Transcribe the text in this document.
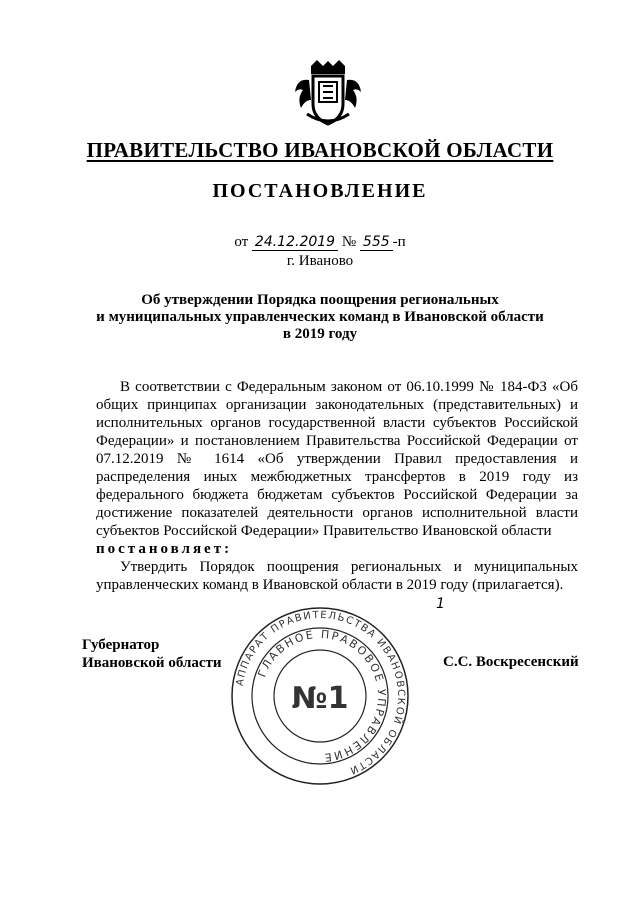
ПРАВИТЕЛЬСТВО ИВАНОВСКОЙ ОБЛАСТИ
ПОСТАНОВЛЕНИЕ
от 24.12.2019 № 555 -п
г. Иваново
Об утверждении Порядка поощрения региональных
и муниципальных управленческих команд в Ивановской области
в 2019 году

В соответствии с Федеральным законом от 06.10.1999 № 184-ФЗ «Об общих принципах организации законодательных (представительных) и исполнительных органов государственной власти субъектов Российской Федерации» и постановлением Правительства Российской Федерации от 07.12.2019 № 1614 «Об утверждении Правил предоставления и распределения иных межбюджетных трансфертов в 2019 году из федерального бюджета бюджетам субъектов Российской Федерации за достижение показателей деятельности органов исполнительной власти субъектов Российской Федерации» Правительство Ивановской области

постановляет:

Утвердить Порядок поощрения региональных и муниципальных управленческих команд в Ивановской области в 2019 году (прилагается).

1
Губернатор
Ивановской области	С.С. Воскресенский
АППАРАТ ПРАВИТЕЛЬСТВА ИВАНОВСКОЙ ОБЛАСТИ
ГЛАВНОЕ ПРАВОВОЕ УПРАВЛЕНИЕ
№1
